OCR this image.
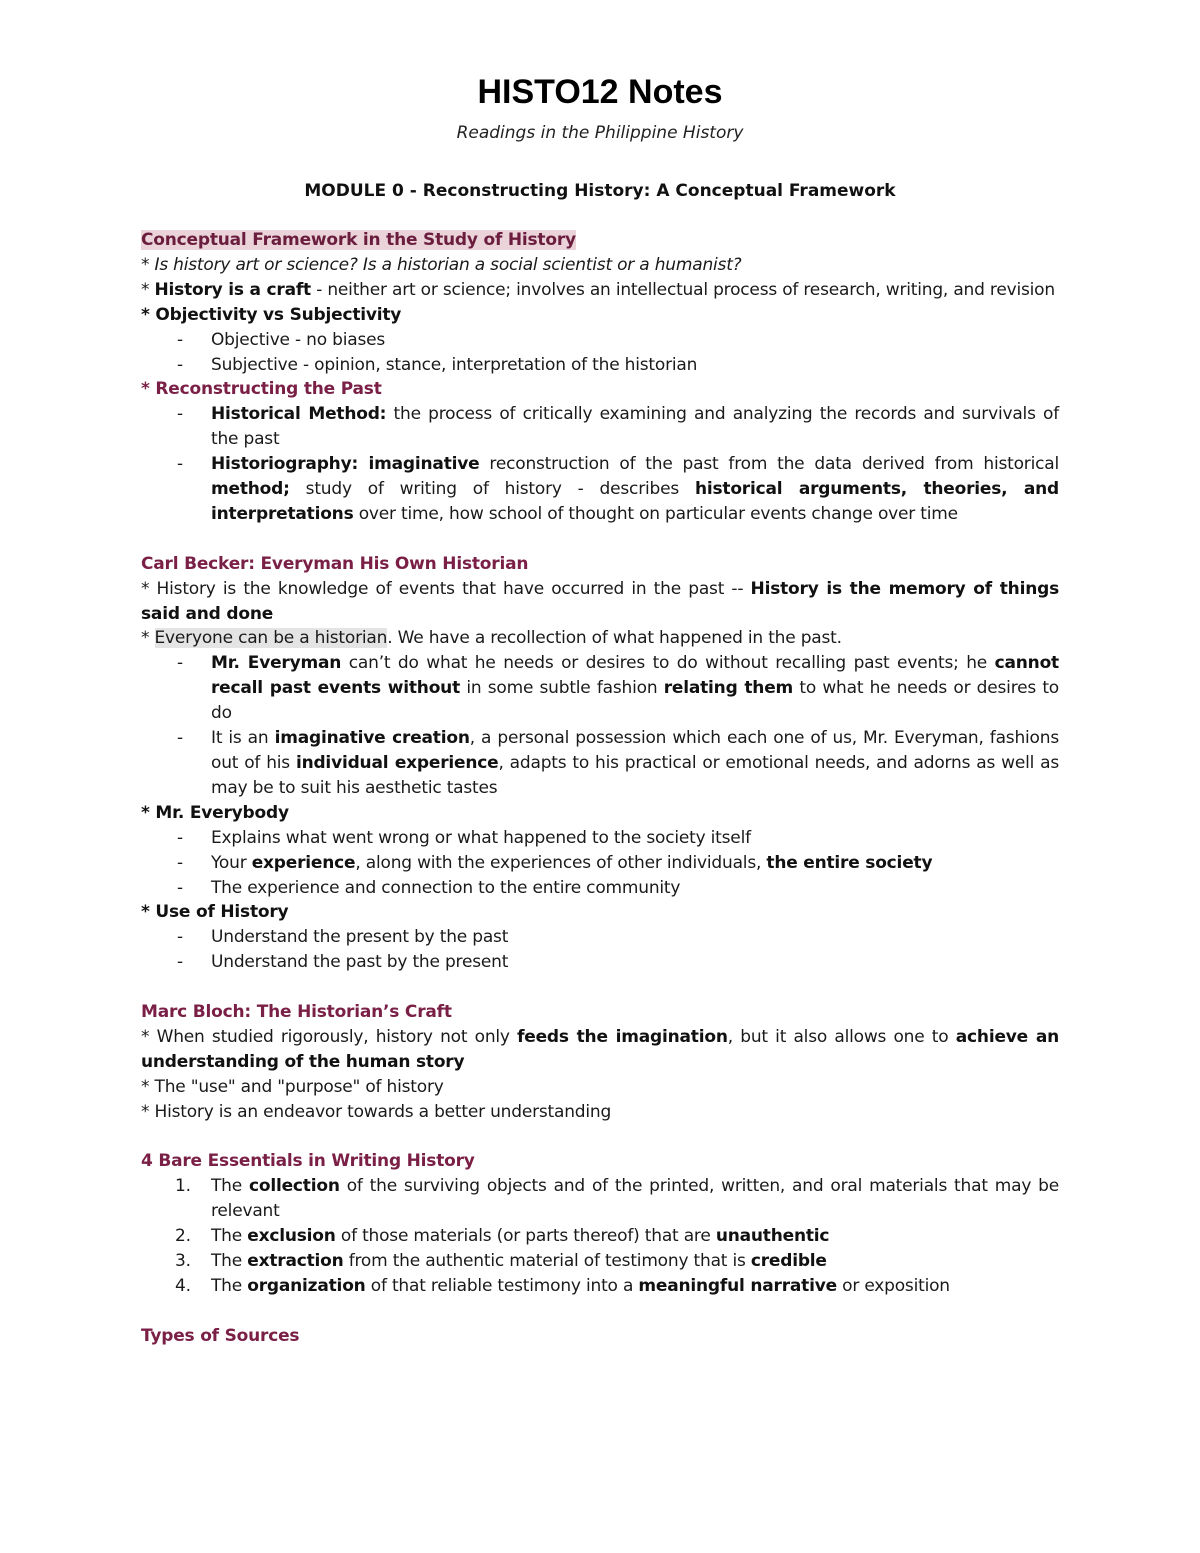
HISTO12 Notes
Readings in the Philippine History
MODULE 0 - Reconstructing History: A Conceptual Framework

Conceptual Framework in the Study of History

* Is history art or science? Is a historian a social scientist or a humanist?

* History is a craft - neither art or science; involves an intellectual process of research, writing, and revision

* Objectivity vs Subjectivity

- Objective - no biases

- Subjective - opinion, stance, interpretation of the historian

* Reconstructing the Past

- Historical Method: the process of critically examining and analyzing the records and survivals of the past

- Historiography: imaginative reconstruction of the past from the data derived from historical method; study of writing of history - describes historical arguments, theories, and interpretations over time, how school of thought on particular events change over time

Carl Becker: Everyman His Own Historian

* History is the knowledge of events that have occurred in the past -- History is the memory of things said and done

* Everyone can be a historian. We have a recollection of what happened in the past.

- Mr. Everyman can’t do what he needs or desires to do without recalling past events; he cannot recall past events without in some subtle fashion relating them to what he needs or desires to do

- It is an imaginative creation, a personal possession which each one of us, Mr. Everyman, fashions out of his individual experience, adapts to his practical or emotional needs, and adorns as well as may be to suit his aesthetic tastes

* Mr. Everybody

- Explains what went wrong or what happened to the society itself

- Your experience, along with the experiences of other individuals, the entire society

- The experience and connection to the entire community

* Use of History

- Understand the present by the past

- Understand the past by the present

Marc Bloch: The Historian’s Craft

* When studied rigorously, history not only feeds the imagination, but it also allows one to achieve an understanding of the human story

* The "use" and "purpose" of history

* History is an endeavor towards a better understanding

4 Bare Essentials in Writing History

1. The collection of the surviving objects and of the printed, written, and oral materials that may be relevant

2. The exclusion of those materials (or parts thereof) that are unauthentic

3. The extraction from the authentic material of testimony that is credible

4. The organization of that reliable testimony into a meaningful narrative or exposition

Types of Sources
